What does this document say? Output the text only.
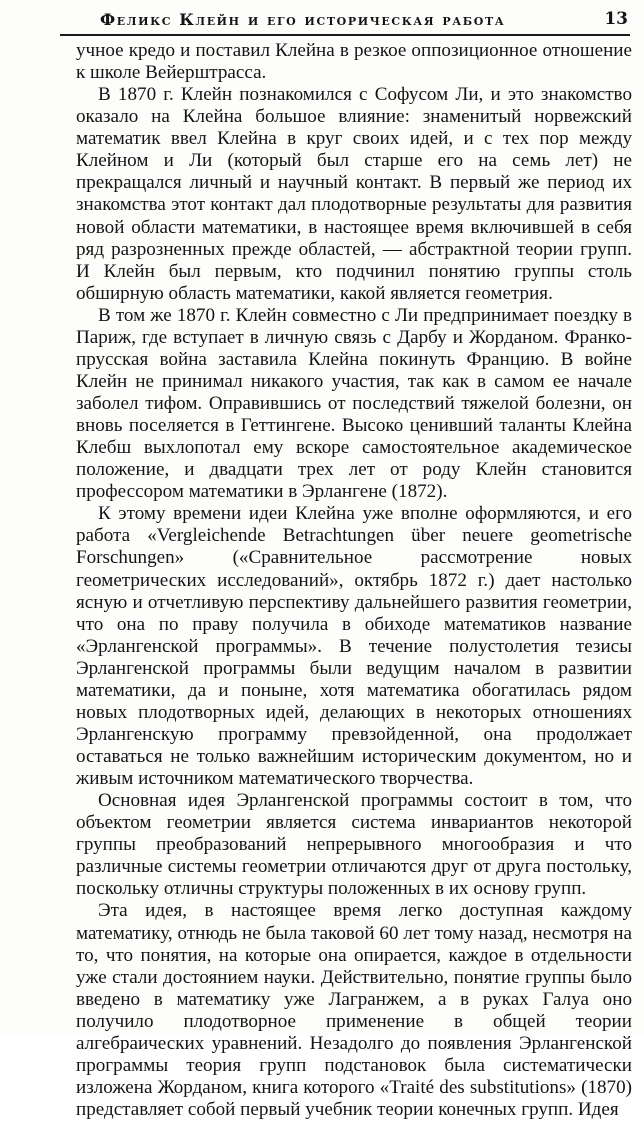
Феликс Клейн и его историческая работа	13

учное кредо и поставил Клейна в резкое оппозиционное отношение к школе Вейерштрасса.

В 1870 г. Клейн познакомился с Софусом Ли, и это знакомство оказало на Клейна большое влияние: знаменитый норвежский математик ввел Клейна в круг своих идей, и с тех пор между Клейном и Ли (который был старше его на семь лет) не прекращался личный и научный контакт. В первый же период их знакомства этот контакт дал плодотворные результаты для развития новой области математики, в настоящее время включившей в себя ряд разрозненных прежде областей, — абстрактной теории групп. И Клейн был первым, кто подчинил понятию группы столь обширную область математики, какой является геометрия.

В том же 1870 г. Клейн совместно с Ли предпринимает поездку в Париж, где вступает в личную связь с Дарбу и Жорданом. Франко-прусская война заставила Клейна покинуть Францию. В войне Клейн не принимал никакого участия, так как в самом ее начале заболел тифом. Оправившись от последствий тяжелой болезни, он вновь поселяется в Геттингене. Высоко ценивший таланты Клейна Клебш выхлопотал ему вскоре самостоятельное академическое положение, и двадцати трех лет от роду Клейн становится профессором математики в Эрлангене (1872).

К этому времени идеи Клейна уже вполне оформляются, и его работа «Vergleichende Betrachtungen über neuere geometrische Forschungen» («Сравнительное рассмотрение новых геометрических исследований», октябрь 1872 г.) дает настолько ясную и отчетливую перспективу дальнейшего развития геометрии, что она по праву получила в обиходе математиков название «Эрлангенской программы». В течение полустолетия тезисы Эрлангенской программы были ведущим началом в развитии математики, да и поныне, хотя математика обогатилась рядом новых плодотворных идей, делающих в некоторых отношениях Эрлангенскую программу превзойденной, она продолжает оставаться не только важнейшим историческим документом, но и живым источником математического творчества.

Основная идея Эрлангенской программы состоит в том, что объектом геометрии является система инвариантов некоторой группы преобразований непрерывного многообразия и что различные системы геометрии отличаются друг от друга постольку, поскольку отличны структуры положенных в их основу групп.

Эта идея, в настоящее время легко доступная каждому математику, отнюдь не была таковой 60 лет тому назад, несмотря на то, что понятия, на которые она опирается, каждое в отдельности уже стали достоянием науки. Действительно, понятие группы было введено в математику уже Лагранжем, а в руках Галуа оно получило плодотворное применение в общей теории алгебраических уравнений. Незадолго до появления Эрлангенской программы теория групп подстановок была систематически изложена Жорданом, книга которого «Traité des substitutions» (1870) представляет собой первый учебник теории конечных групп. Идея
